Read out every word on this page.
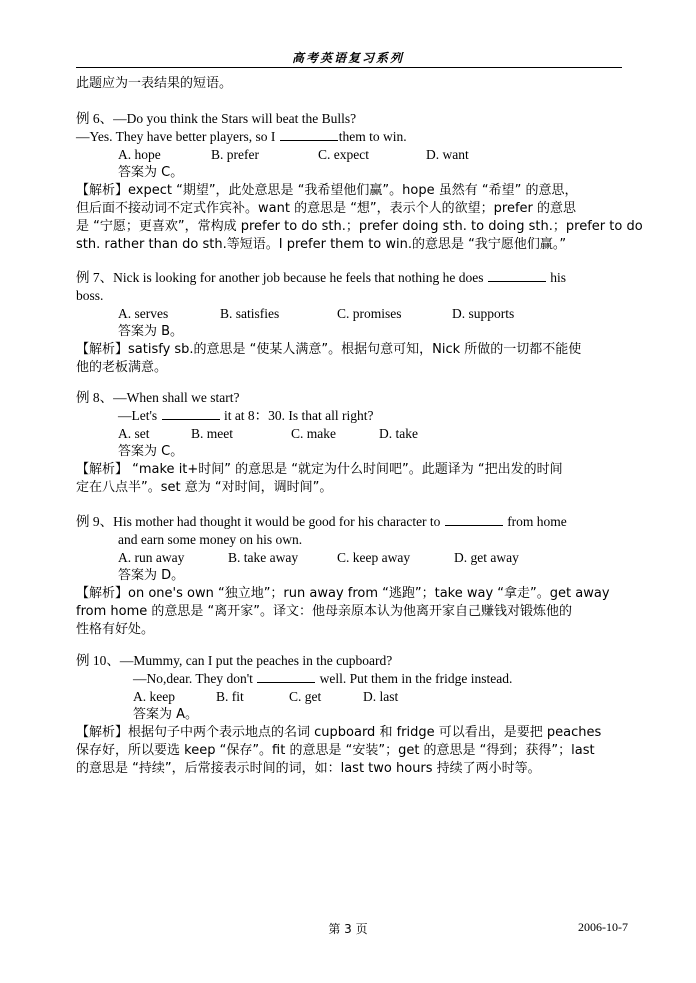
高考英语复习系列
此题应为一表结果的短语。
例 6、—Do you think the Stars will beat the Bulls?
—Yes. They have better players, so I	them to win.
A. hope	B. prefer	C. expect	D. want
答案为 C。
【解析】expect “期望”，此处意思是 “我希望他们赢”。hope 虽然有 “希望” 的意思，
但后面不接动词不定式作宾补。want 的意思是 “想”，表示个人的欲望；prefer 的意思
是 “宁愿；更喜欢”，常构成 prefer to do sth.；prefer doing sth. to doing sth.；prefer to do
sth. rather than do sth.等短语。I prefer them to win.的意思是 “我宁愿他们赢。”
例 7、Nick is looking for another job because he feels that nothing he does	his
boss.
A. serves	B. satisfies	C. promises	D. supports
答案为 B。
【解析】satisfy sb.的意思是 “使某人满意”。根据句意可知，Nick 所做的一切都不能使
他的老板满意。
例 8、—When shall we start?
—Let's	it at 8：30. Is that all right?
A. set	B. meet	C. make	D. take
答案为 C。
【解析】 “make it+时间” 的意思是 “就定为什么时间吧”。此题译为 “把出发的时间
定在八点半”。set 意为 “对时间，调时间”。
例 9、His mother had thought it would be good for his character to	from home
and earn some money on his own.
A. run away	B. take away	C. keep away	D. get away
答案为 D。
【解析】on one's own “独立地”；run away from “逃跑”；take way “拿走”。get away
from home 的意思是 “离开家”。译文：他母亲原本认为他离开家自己赚钱对锻炼他的
性格有好处。
例 10、—Mummy, can I put the peaches in the cupboard?
—No,dear. They don't	well. Put them in the fridge instead.
A. keep	B. fit	C. get	D. last
答案为 A。
【解析】根据句子中两个表示地点的名词 cupboard 和 fridge 可以看出，是要把 peaches
保存好，所以要选 keep “保存”。fit 的意思是 “安装”；get 的意思是 “得到；获得”；last
的意思是 “持续”，后常接表示时间的词，如：last two hours 持续了两小时等。
第 3 页	2006-10-7
